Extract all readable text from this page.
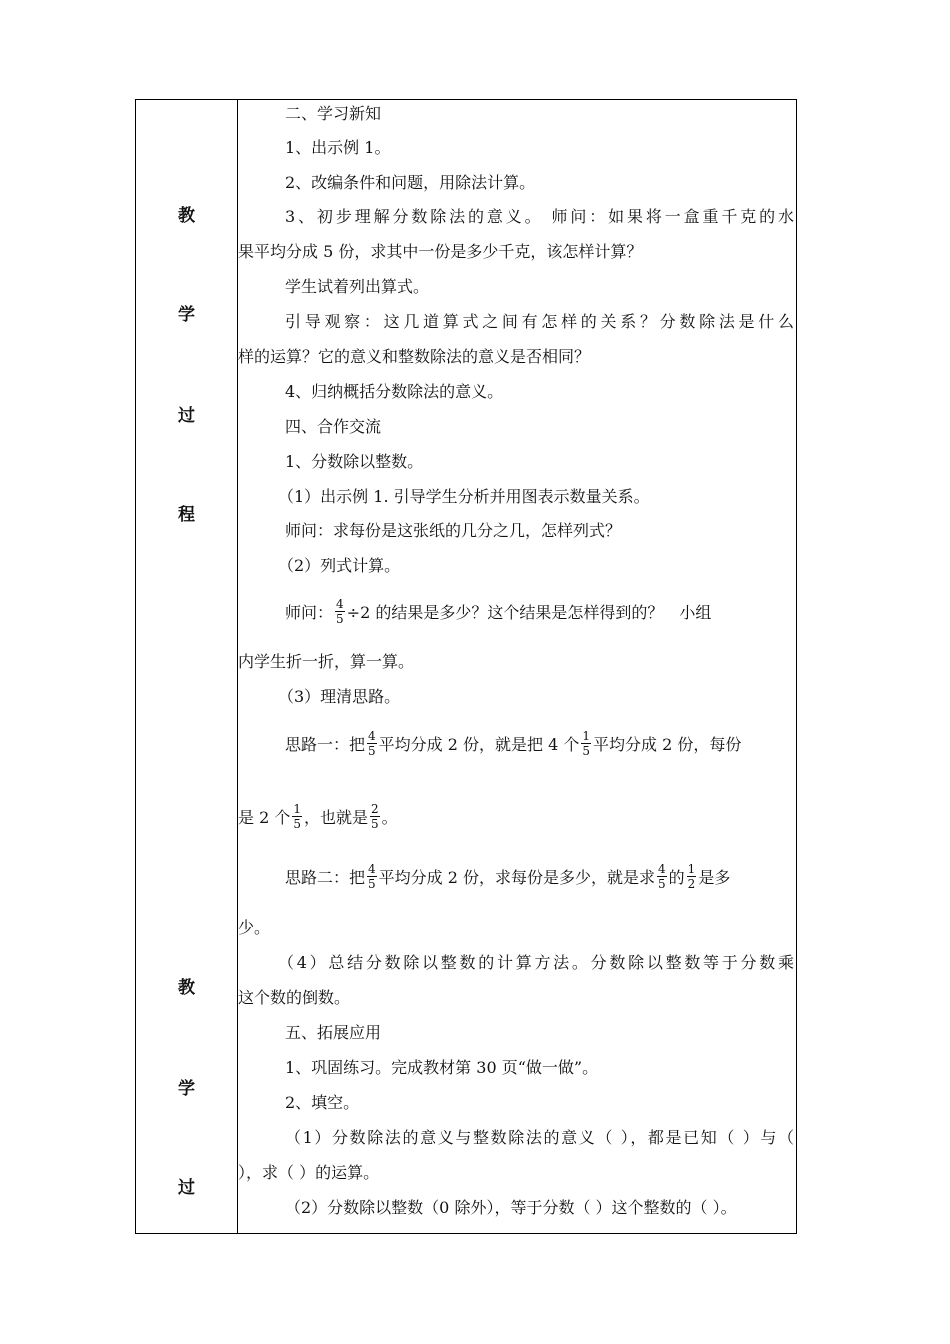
教
学
过
程
教
学
过
二、学习新知
1、出示例 1。
2、改编条件和问题，用除法计算。
3、初步理解分数除法的意义。 师问：如果将一盒重千克的水
果平均分成 5 份，求其中一份是多少千克，该怎样计算？
学生试着列出算式。
引导观察：这几道算式之间有怎样的关系？分数除法是什么
样的运算？它的意义和整数除法的意义是否相同？
4、归纳概括分数除法的意义。
四、合作交流
1、分数除以整数。
（1）出示例 1. 引导学生分析并用图表示数量关系。
师问：求每份是这张纸的几分之几，怎样列式？
（2）列式计算。
师问： $\frac{4}{5} \div 2$ 的结果是多少？这个结果是怎样得到的？　小组
内学生折一折，算一算。
（3）理清思路。
思路一：把 $\frac{4}{5}$ 平均分成 2 份，就是把 4 个 $\frac{1}{5}$ 平均分成 2 份，每份
是 2 个 $\frac{1}{5}$ ，也就是 $\frac{2}{5}$ 。
思路二：把 $\frac{4}{5}$ 平均分成 2 份，求每份是多少，就是求 $\frac{4}{5}$ 的 $\frac{1}{2}$ 是多
少。
（4）总结分数除以整数的计算方法。分数除以整数等于分数乘
这个数的倒数。
五、拓展应用
1、巩固练习。完成教材第 30 页“做一做”。
2、填空。
（1）分数除法的意义与整数除法的意义（ ），都是已知（ ）与（
），求（ ）的运算。
（2）分数除以整数（0 除外），等于分数（ ）这个整数的（ ）。
